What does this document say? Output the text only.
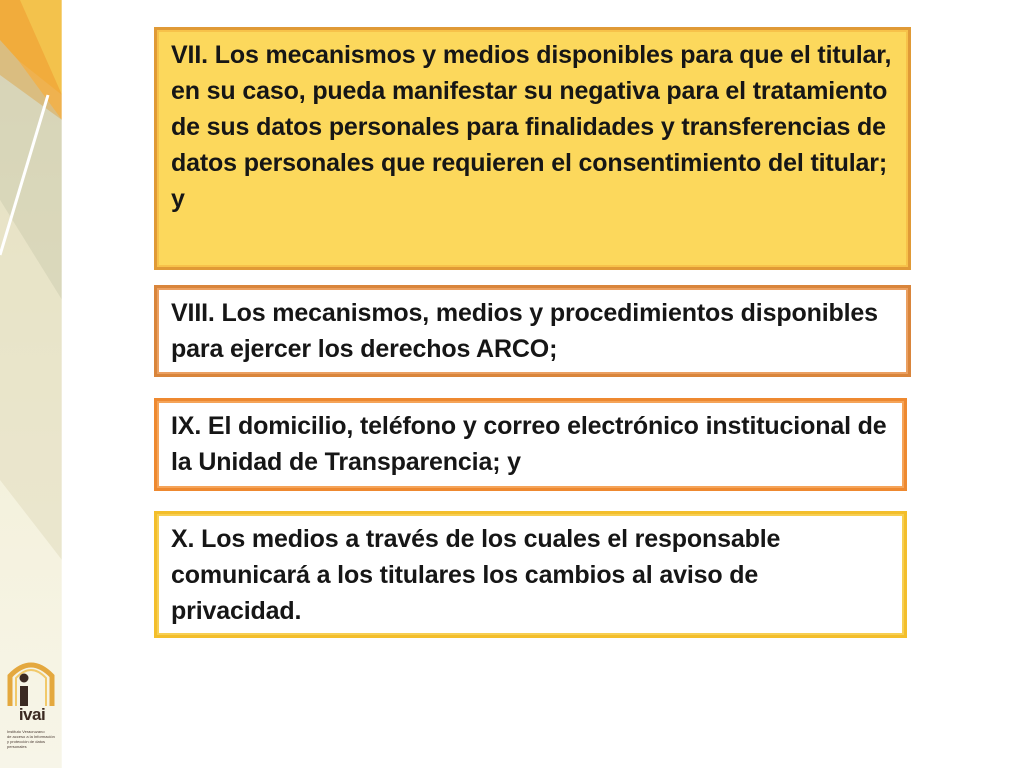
ivai
Instituto Veracruzano
de acceso a la Información
y protección de datos personales
VII. Los mecanismos y medios disponibles para que el titular, en su caso, pueda manifestar su negativa para el tratamiento de sus datos personales para finalidades y transferencias de datos personales que requieren el consentimiento del titular; y
VIII. Los mecanismos, medios y procedimientos disponibles para ejercer los derechos ARCO;
IX. El domicilio, teléfono y correo electrónico institucional de la Unidad de Transparencia; y
X. Los medios a través de los cuales el responsable comunicará a los titulares los cambios al aviso de privacidad.
